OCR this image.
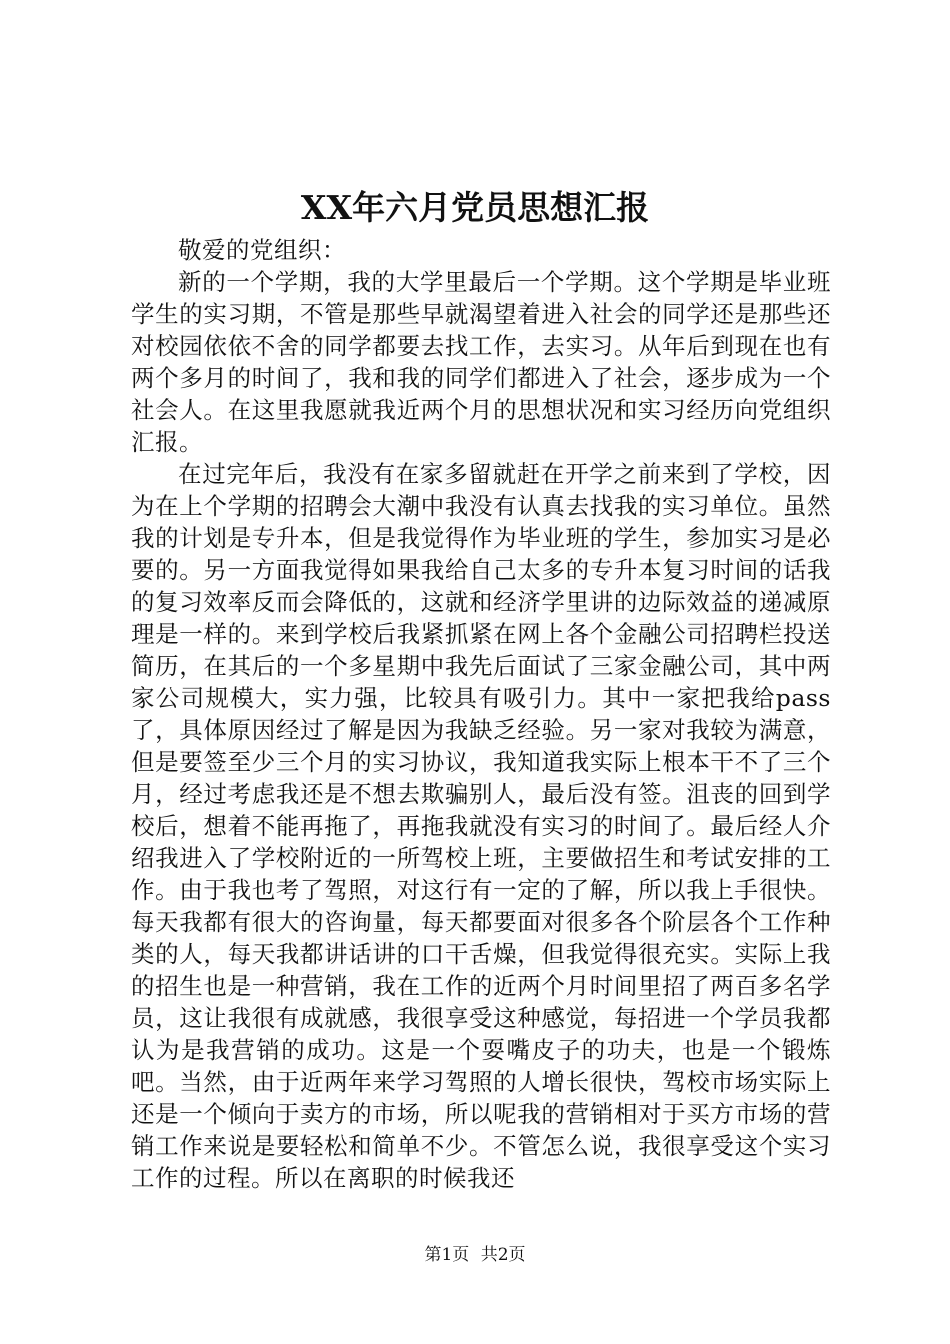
XX年六月党员思想汇报

敬爱的党组织：

新的一个学期，我的大学里最后一个学期。这个学期是毕业班学生的实习期，不管是那些早就渴望着进入社会的同学还是那些还对校园依依不舍的同学都要去找工作，去实习。从年后到现在也有两个多月的时间了，我和我的同学们都进入了社会，逐步成为一个社会人。在这里我愿就我近两个月的思想状况和实习经历向党组织汇报。

在过完年后，我没有在家多留就赶在开学之前来到了学校，因为在上个学期的招聘会大潮中我没有认真去找我的实习单位。虽然我的计划是专升本，但是我觉得作为毕业班的学生，参加实习是必要的。另一方面我觉得如果我给自己太多的专升本复习时间的话我的复习效率反而会降低的，这就和经济学里讲的边际效益的递减原理是一样的。来到学校后我紧抓紧在网上各个金融公司招聘栏投送简历，在其后的一个多星期中我先后面试了三家金融公司，其中两家公司规模大，实力强，比较具有吸引力。其中一家把我给pass了，具体原因经过了解是因为我缺乏经验。另一家对我较为满意，但是要签至少三个月的实习协议，我知道我实际上根本干不了三个月，经过考虑我还是不想去欺骗别人，最后没有签。沮丧的回到学校后，想着不能再拖了，再拖我就没有实习的时间了。最后经人介绍我进入了学校附近的一所驾校上班，主要做招生和考试安排的工作。由于我也考了驾照，对这行有一定的了解，所以我上手很快。每天我都有很大的咨询量，每天都要面对很多各个阶层各个工作种类的人，每天我都讲话讲的口干舌燥，但我觉得很充实。实际上我的招生也是一种营销，我在工作的近两个月时间里招了两百多名学员，这让我很有成就感，我很享受这种感觉，每招进一个学员我都认为是我营销的成功。这是一个耍嘴皮子的功夫，也是一个锻炼吧。当然，由于近两年来学习驾照的人增长很快，驾校市场实际上还是一个倾向于卖方的市场，所以呢我的营销相对于买方市场的营销工作来说是要轻松和简单不少。不管怎么说，我很享受这个实习工作的过程。所以在离职的时候我还

第1页 共2页
